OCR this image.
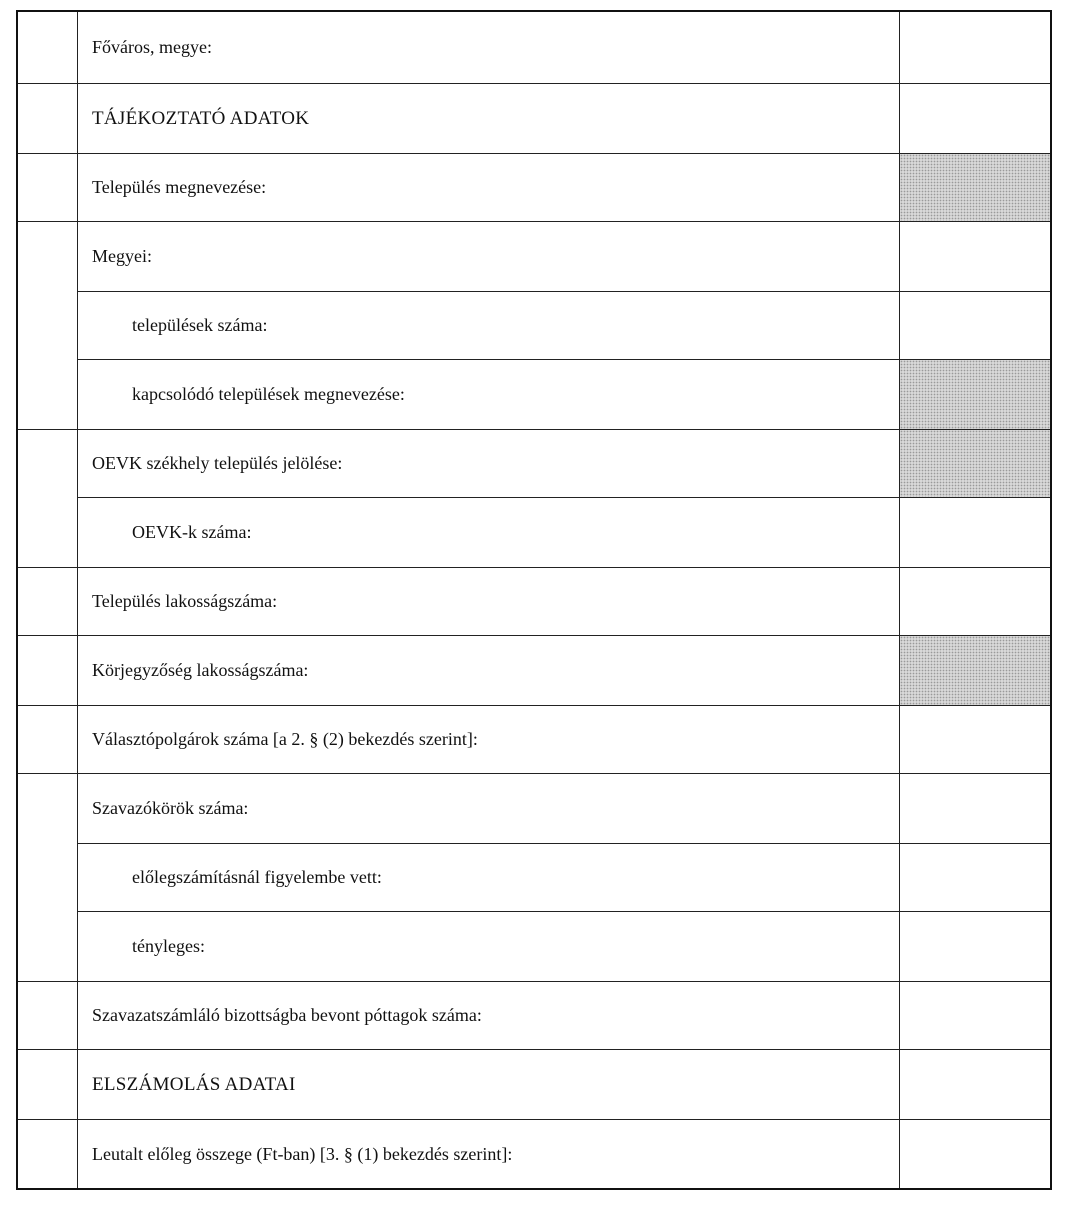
Főváros, megye:
TÁJÉKOZTATÓ ADATOK
Település megnevezése:
Megyei:
települések száma:
kapcsolódó települések megnevezése:
OEVK székhely település jelölése:
OEVK-k száma:
Település lakosságszáma:
Körjegyzőség lakosságszáma:
Választópolgárok száma [a 2. § (2) bekezdés szerint]:
Szavazókörök száma:
előlegszámításnál figyelembe vett:
tényleges:
Szavazatszámláló bizottságba bevont póttagok száma:
ELSZÁMOLÁS ADATAI
Leutalt előleg összege (Ft-ban) [3. § (1) bekezdés szerint]:
